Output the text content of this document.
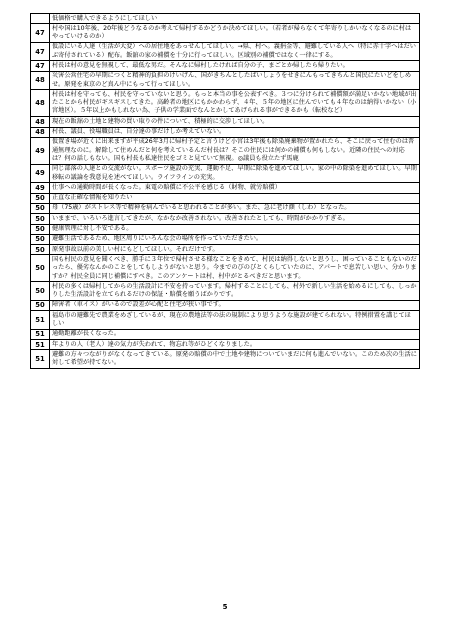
	低価格で購入できるようにしてほしい
47	村や国は10年後、20年後どうなるのか考えて帰村するかどうか決めてほしい。（若者が帰らなくて年寄りしかいなくなるのに村はやっていけるのか）
47	仮設にいる人達（生活が大変）への居住地をあっせんしてほしい。→県、村へ。義捐金等、避難している人へ（特に赤十字へはだいぶ寄付されている）配布。飯舘の家の補償を十分に行ってほしい。区域別の補償ではなく一律にする。
47	村長は村の意見を無視して、最低な男だ。そんなに帰村したければ自分の子、まごとか帰したら帰りたい。
48	災害公営住宅の早期につくと精神的負担のけいげん、国がきちんとしたばいしょうをせきにんもってきちんと国民にたいどをしめせ。原発を東京のど真ん中にもって行ってほしい。
48	村長は村を守っても、村民を守っていないと思う。もっと本当の事を公表すべき。３つに分けられて補償額が満足いかない地域が出たことから村民がギスギスしてきた。高齢者の地区にもかかわらず、４年、５年の地区に住んでいても４年なのは納得いかない（小宮地区）。５年以上かもしれない為、子供の学業面でなんとかしてあげられる事ができるかも（転校など）
48	現在の飯舘の土地と建物の買い取りの件について、積極的に交渉してほしい。
48	村長、議員、役場職員は、自分達の事だけしか考えていない。
49	仮置き場が近くに出来ますが平成26年3月に帰村予定と言うけど小宮は3年後も除染廃棄物が置かれたら、そこに戻って住むのは普通無理なのに。解除して住めんだと何を考えているんだ村長は？そこの住民には何かの補償も何もしない。近隣の住民への対応は？何の話しもない。国も村長も私達住民をゴミと見ていて無視。◎議員も役立たず馬鹿
49	同じ部落の人達との交流がない。スポーツ施設の充実、運動不足、早期に除染を進めてほしい。家の中の除染を進めてほしい。早期移転の議論を我意見を述べてほしい。ライフラインの充実。
49	仕事への通勤時間が長くなった。東電の賠償に不公平を感じる（財物、就労賠償）
50	正直な正確な情報を知りたい
50	母（75歳）がストレス等で精神を病んでいると思われることが多い。また、急に老け顔（しわ）となった。
50	いままで、いろいろ進言してきたが、なかなか改善されない。改善されたとしても、時間がかかりすぎる。
50	健康管理に対し不安である。
50	避難生活であるため、地区周りにいろんな会の場所を作っていただきたい。
50	原発事故以前の美しい村にもどしてほしい。それだけです。
50	国も村民の意見を聞くべき、勝手に３年位で帰村させる様なことをきめて、村民は納得しないと思うし、困っていることもないのだったら、優劣なんかのことをしてもしようがないと思う。今までのびのびとくらしていたのに、アパートで息苦しい思い、分かりますか？村民全員に同じ補償にすべき。このアンケートは村、村中がとるべきだと思います。
50	村民の多くは帰村してからの生活設計に不安を持っています。帰村することにしても、村外で新しい生活を始めるにしても、しっかりした生活設計を立てられるだけの保証・賠償を願うばかりです。
50	障害者（車イス）がいるので設差が心配と住宅が狭い事です。
51	福島市の避難先で農業をめざしているが、現在の農地法等の法の規制により思うような施設が建てられない。特例措置を講じてほしい
51	通勤距離が長くなった。
51	年よりの人（老人）達の気力が失われて、物忘れ等がひどくなりました。
51	避難の方々つながりがなくなってきている。原発の賠償の中で土地や建物についていまだに何も進んでいない。このため次の生活に対して希望が持てない。
5
